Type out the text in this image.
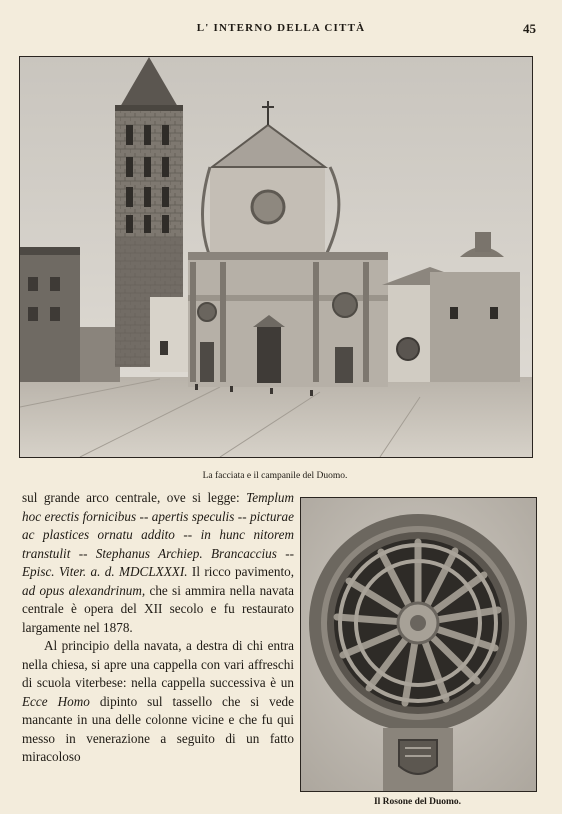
L' INTERNO DELLA CITTÀ	45
La facciata e il campanile del Duomo.
Il Rosone del Duomo.

sul grande arco centrale, ove si legge: Templum hoc erectis fornicibus -- apertis speculis -- picturae ac plastices ornatu addito -- in hunc nitorem transtulit -- Stephanus Archiep. Brancaccius -- Episc. Viter. a. d. MDCLXXXI. Il ricco pavimento, ad opus alexandrinum, che si ammira nella navata centrale è opera del XII secolo e fu restaurato largamente nel 1878.

Al principio della navata, a destra di chi entra nella chiesa, si apre una cappella con vari affreschi di scuola viterbese: nella cappella successiva è un Ecce Homo dipinto sul tassello che si vede mancante in una delle colonne vicine e che fu qui messo in venerazione a seguito di un fatto miracoloso
